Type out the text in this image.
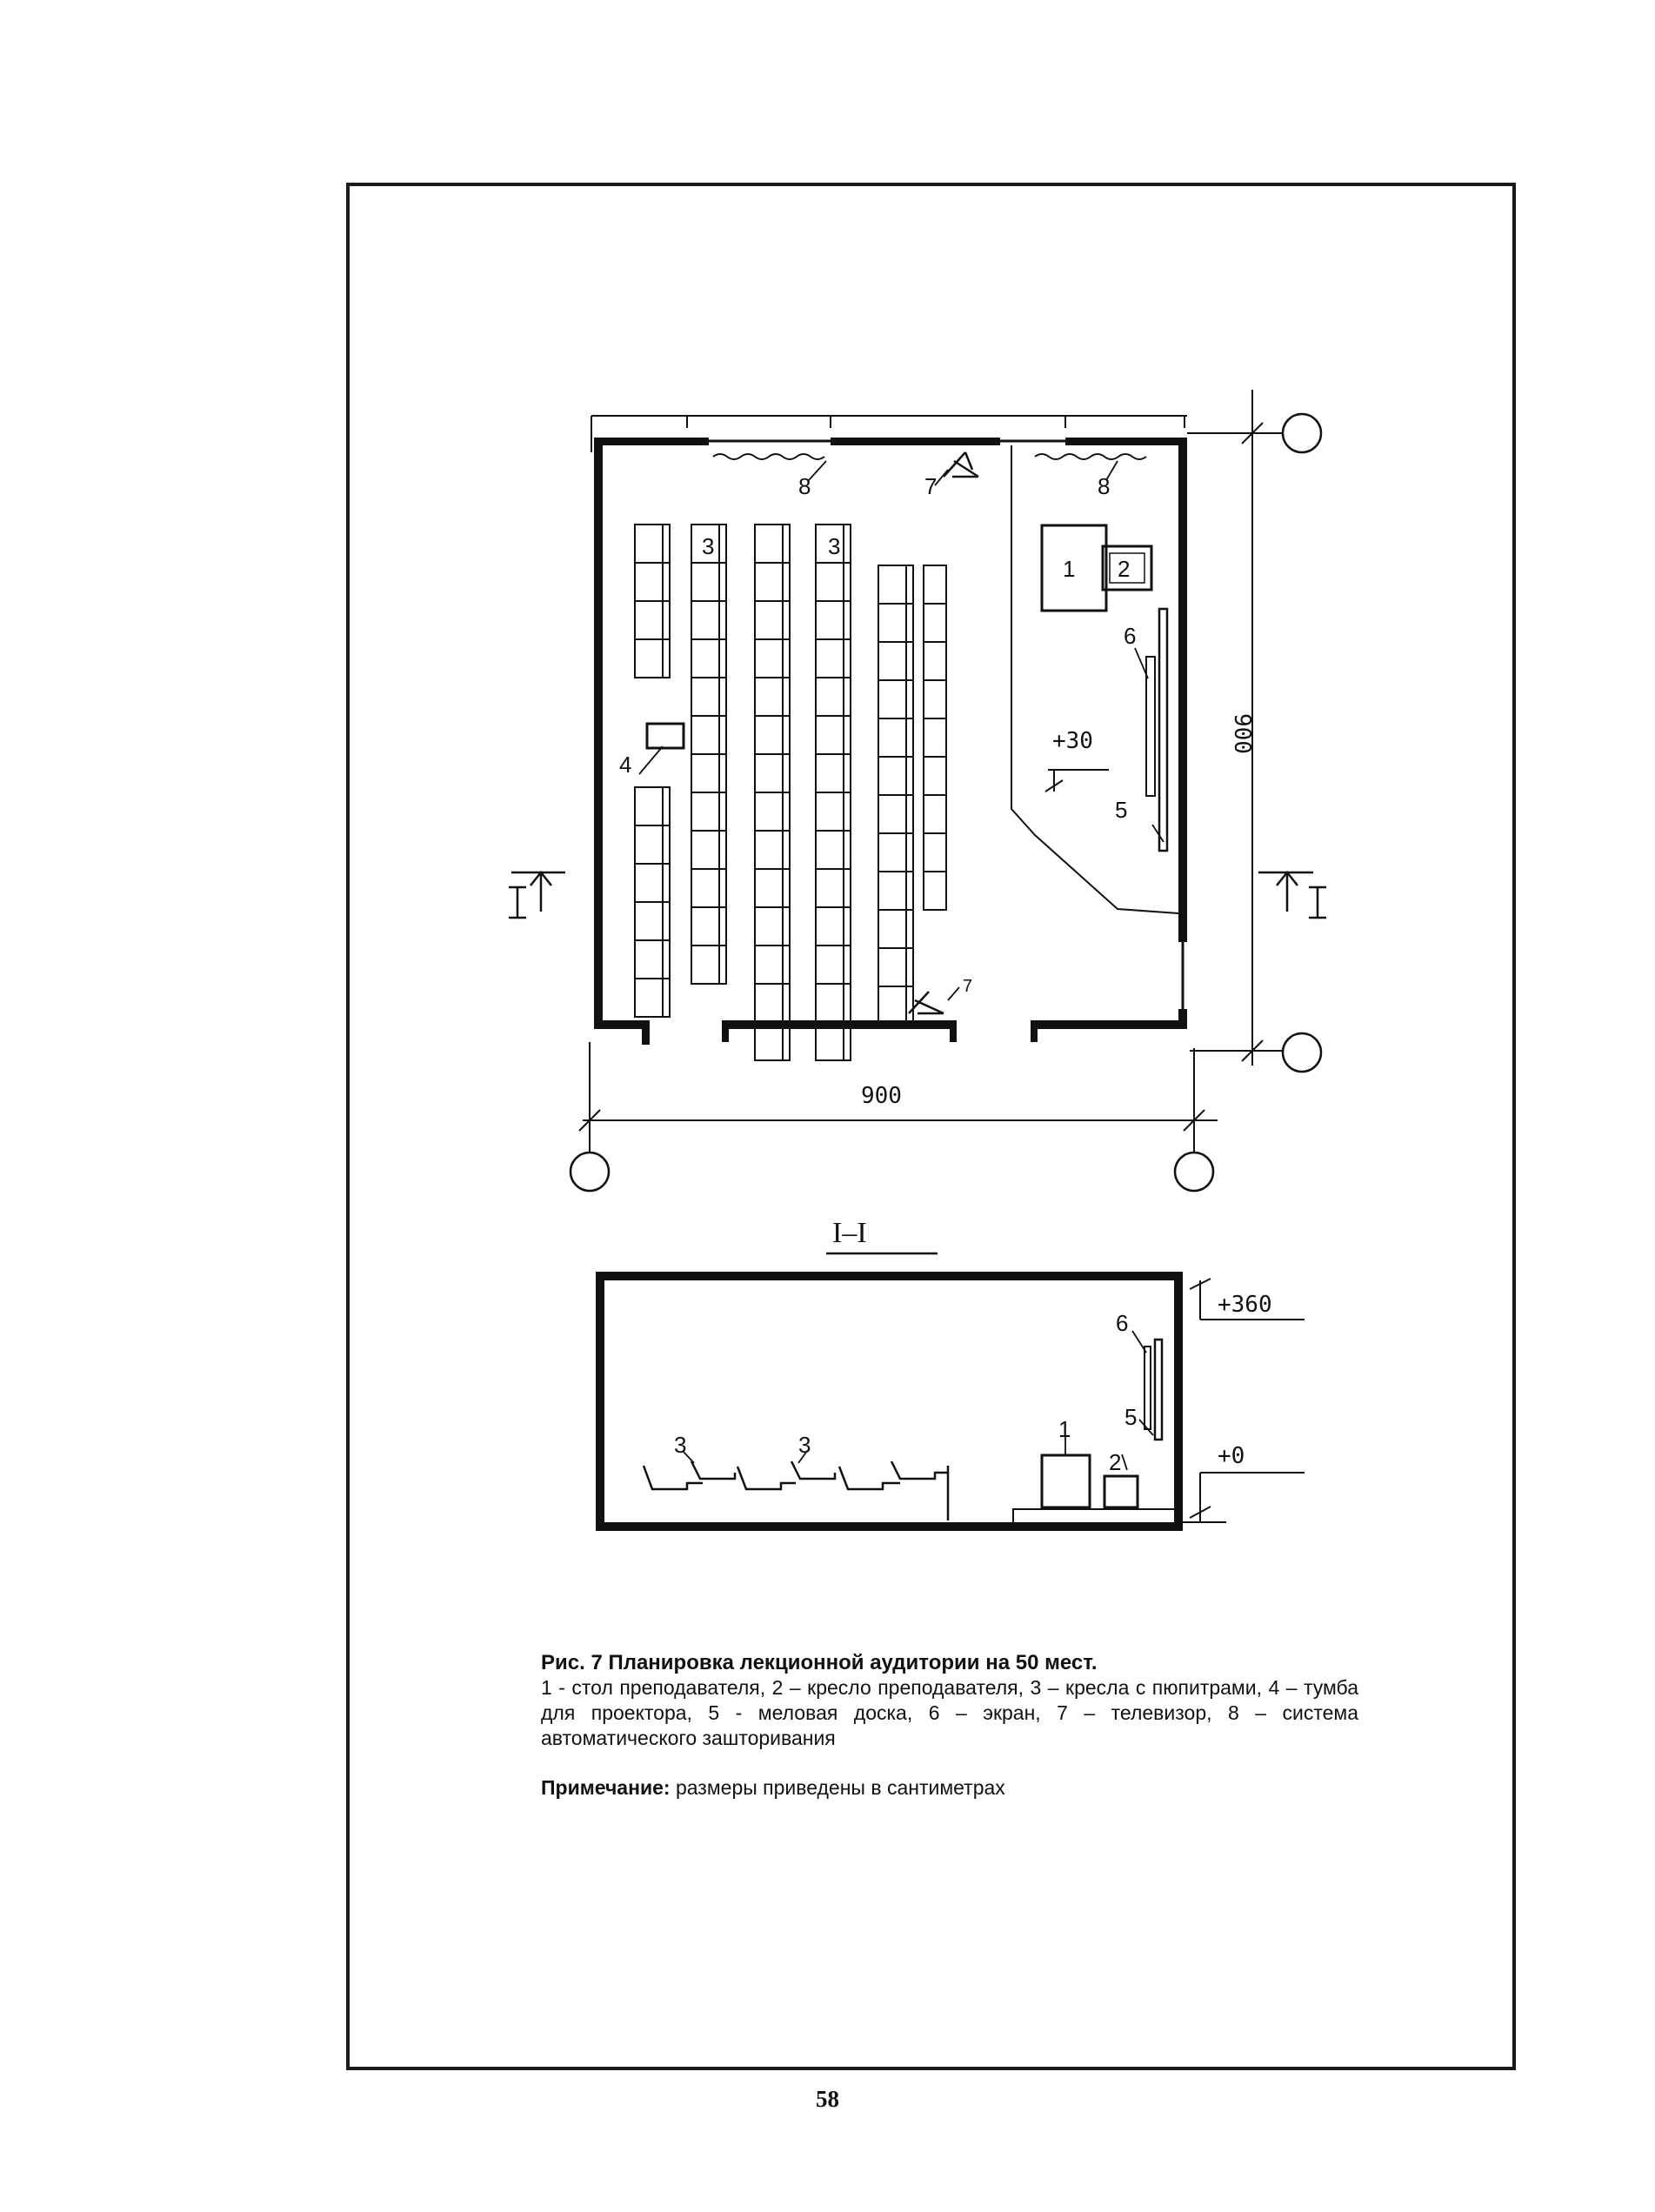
8	7	8
3	3
1 2
6
5
4
7
+30
900
900
I–I
+360
+0
3	3
1
2
6
5

Рис. 7 Планировка лекционной аудитории на 50 мест.

1 - стол преподавателя, 2 – кресло преподавателя, 3 – кресла с пюпитрами, 4 – тумба для проектора, 5 - меловая доска, 6 – экран, 7 – телевизор, 8 – система автоматического зашторивания

Примечание: размеры приведены в сантиметрах

58
